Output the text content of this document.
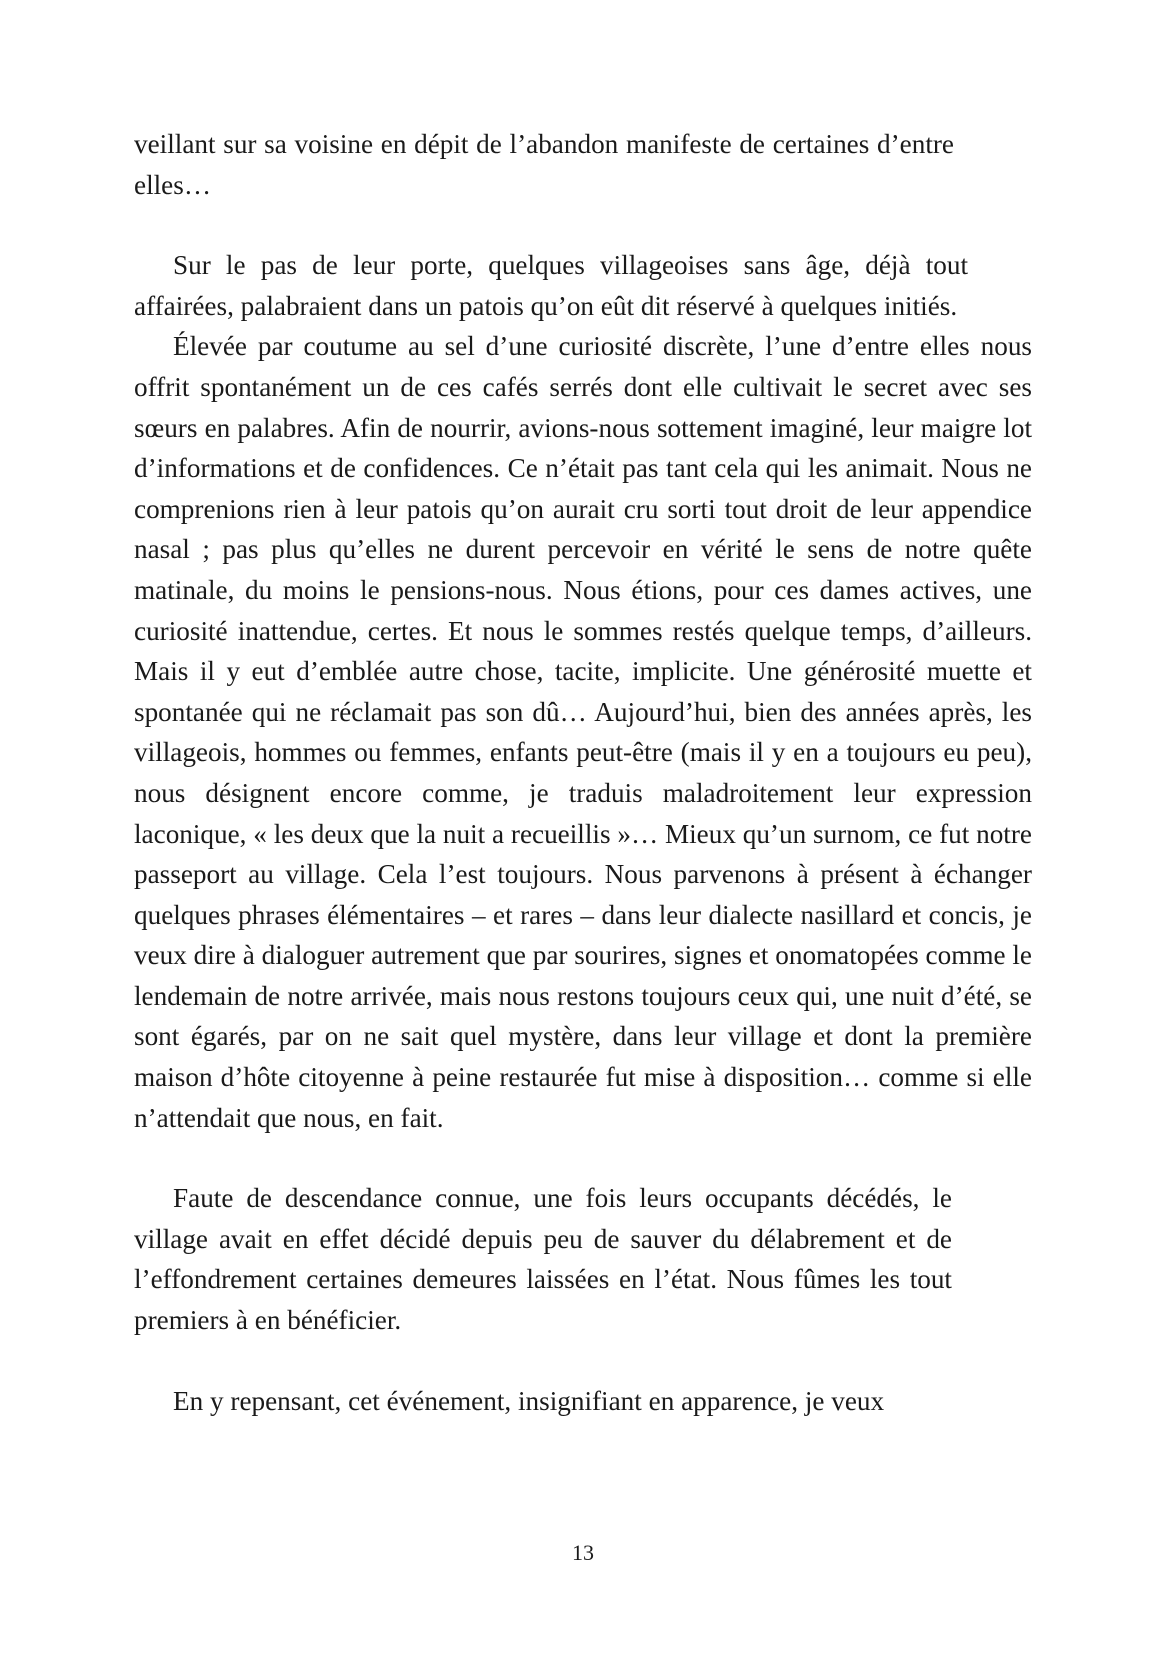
veillant sur sa voisine en dépit de l’abandon manifeste de certaines d’entre elles…

Sur le pas de leur porte, quelques villageoises sans âge, déjà tout affairées, palabraient dans un patois qu’on eût dit réservé à quelques initiés.

Élevée par coutume au sel d’une curiosité discrète, l’une d’entre elles nous offrit spontanément un de ces cafés serrés dont elle cultivait le secret avec ses sœurs en palabres. Afin de nourrir, avions-nous sottement imaginé, leur maigre lot d’informations et de confidences. Ce n’était pas tant cela qui les animait. Nous ne comprenions rien à leur patois qu’on aurait cru sorti tout droit de leur appendice nasal ; pas plus qu’elles ne durent percevoir en vérité le sens de notre quête matinale, du moins le pensions-nous. Nous étions, pour ces dames actives, une curiosité inattendue, certes. Et nous le sommes restés quelque temps, d’ailleurs. Mais il y eut d’emblée autre chose, tacite, implicite. Une générosité muette et spontanée qui ne réclamait pas son dû… Aujourd’hui, bien des années après, les villageois, hommes ou femmes, enfants peut-être (mais il y en a toujours eu peu), nous désignent encore comme, je traduis maladroitement leur expression laconique, « les deux que la nuit a recueillis »… Mieux qu’un surnom, ce fut notre passeport au village. Cela l’est toujours. Nous parvenons à présent à échanger quelques phrases élémentaires – et rares – dans leur dialecte nasillard et concis, je veux dire à dialoguer autrement que par sourires, signes et onomatopées comme le lendemain de notre arrivée, mais nous restons toujours ceux qui, une nuit d’été, se sont égarés, par on ne sait quel mystère, dans leur village et dont la première maison d’hôte citoyenne à peine restaurée fut mise à disposition… comme si elle n’attendait que nous, en fait.

Faute de descendance connue, une fois leurs occupants décédés, le village avait en effet décidé depuis peu de sauver du délabrement et de l’effondrement certaines demeures laissées en l’état. Nous fûmes les tout premiers à en bénéficier.

En y repensant, cet événement, insignifiant en apparence, je veux

13
